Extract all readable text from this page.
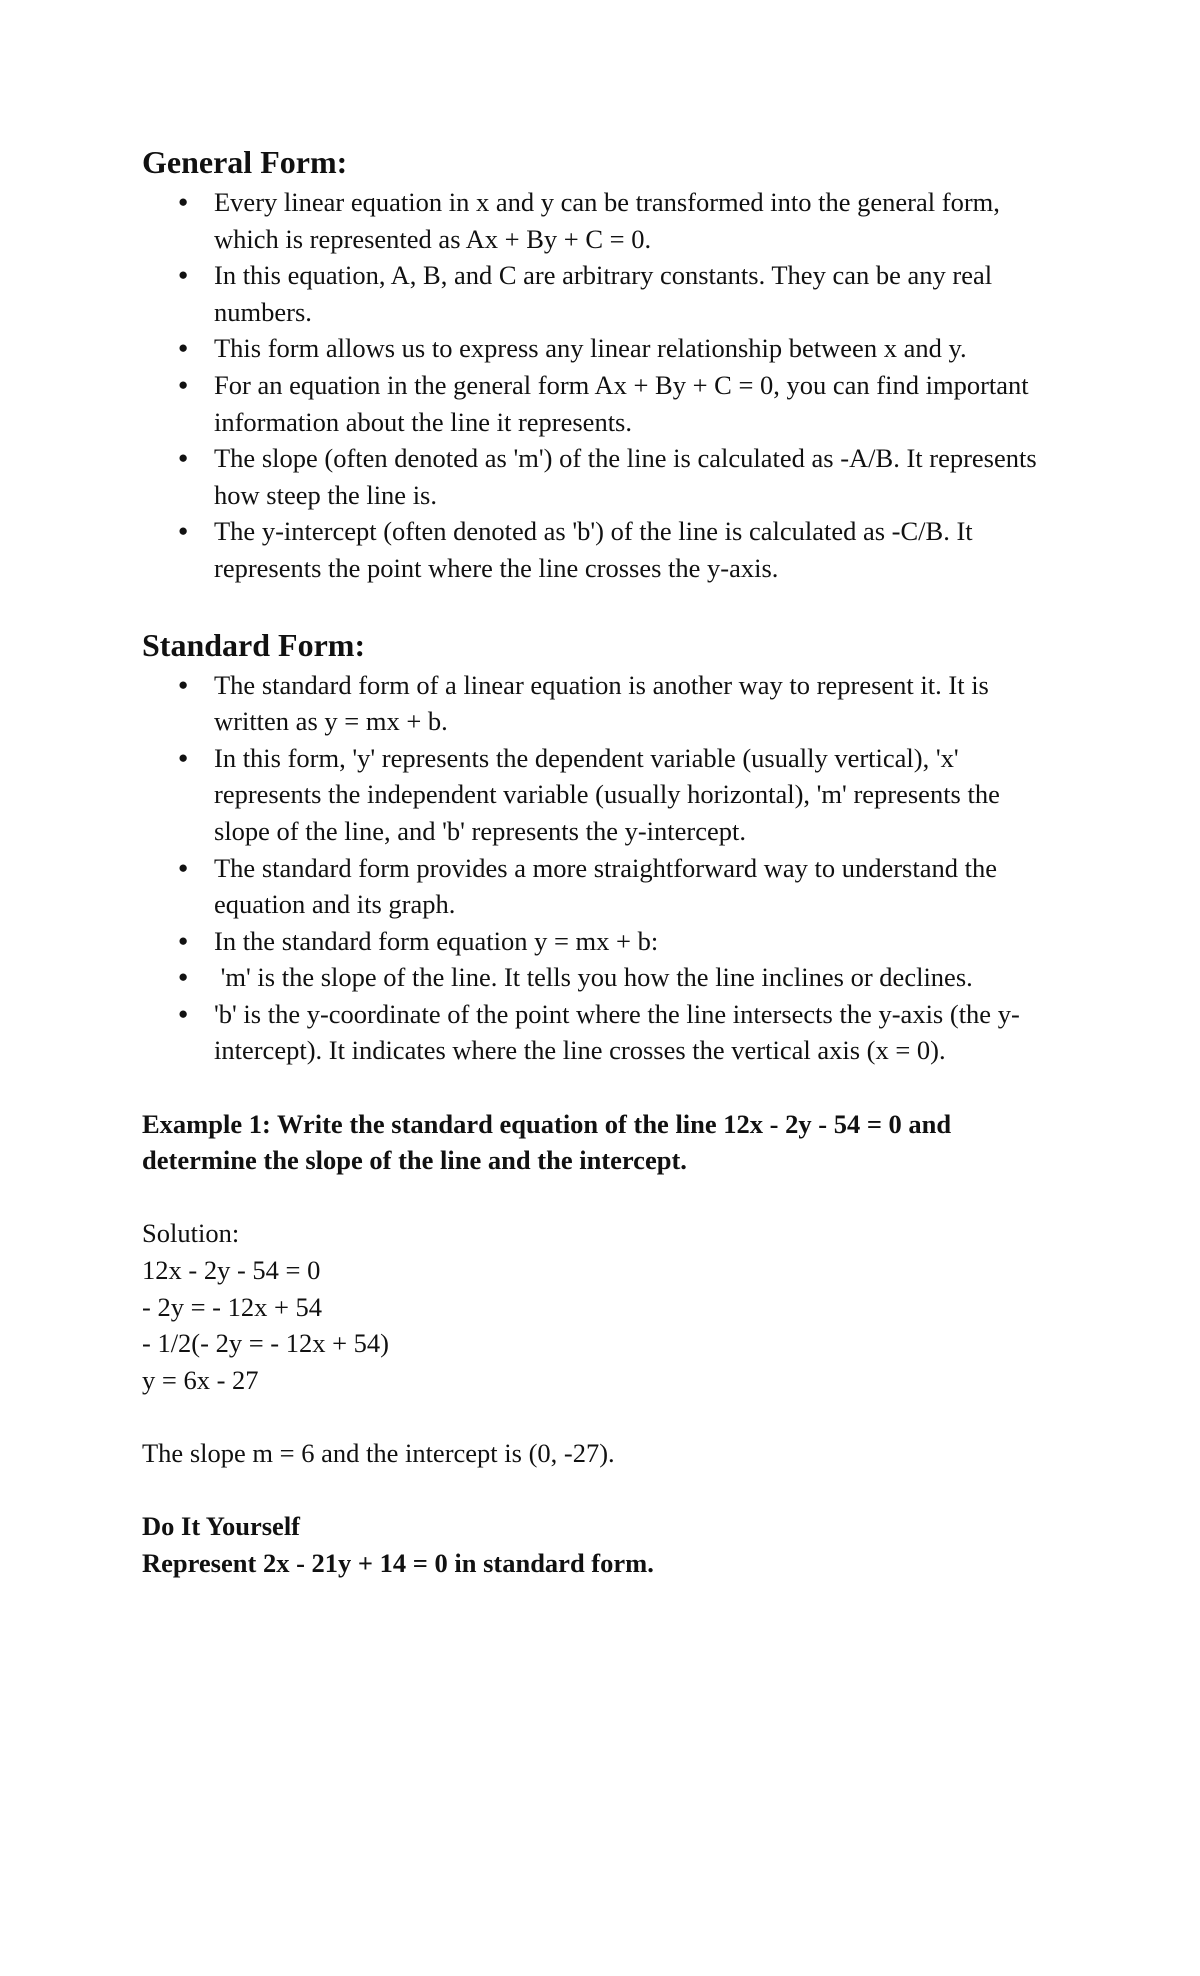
General Form:
● Every linear equation in x and y can be transformed into the general form, which is represented as Ax + By + C = 0.
● In this equation, A, B, and C are arbitrary constants. They can be any real numbers.
● This form allows us to express any linear relationship between x and y.
● For an equation in the general form Ax + By + C = 0, you can find important information about the line it represents.
● The slope (often denoted as 'm') of the line is calculated as -A/B. It represents how steep the line is.
● The y-intercept (often denoted as 'b') of the line is calculated as -C/B. It represents the point where the line crosses the y-axis.
Standard Form:
● The standard form of a linear equation is another way to represent it. It is written as y = mx + b.
● In this form, 'y' represents the dependent variable (usually vertical), 'x' represents the independent variable (usually horizontal), 'm' represents the slope of the line, and 'b' represents the y-intercept.
● The standard form provides a more straightforward way to understand the equation and its graph.
● In the standard form equation y = mx + b:
●  'm' is the slope of the line. It tells you how the line inclines or declines.
● 'b' is the y-coordinate of the point where the line intersects the y-axis (the y-intercept). It indicates where the line crosses the vertical axis (x = 0).

Example 1: Write the standard equation of the line 12x - 2y - 54 = 0 and determine the slope of the line and the intercept.

Solution:

12x - 2y - 54 = 0

- 2y = - 12x + 54

- 1/2(- 2y = - 12x + 54)

y = 6x - 27

The slope m = 6 and the intercept is (0, -27).

Do It Yourself

Represent 2x - 21y + 14 = 0 in standard form.
